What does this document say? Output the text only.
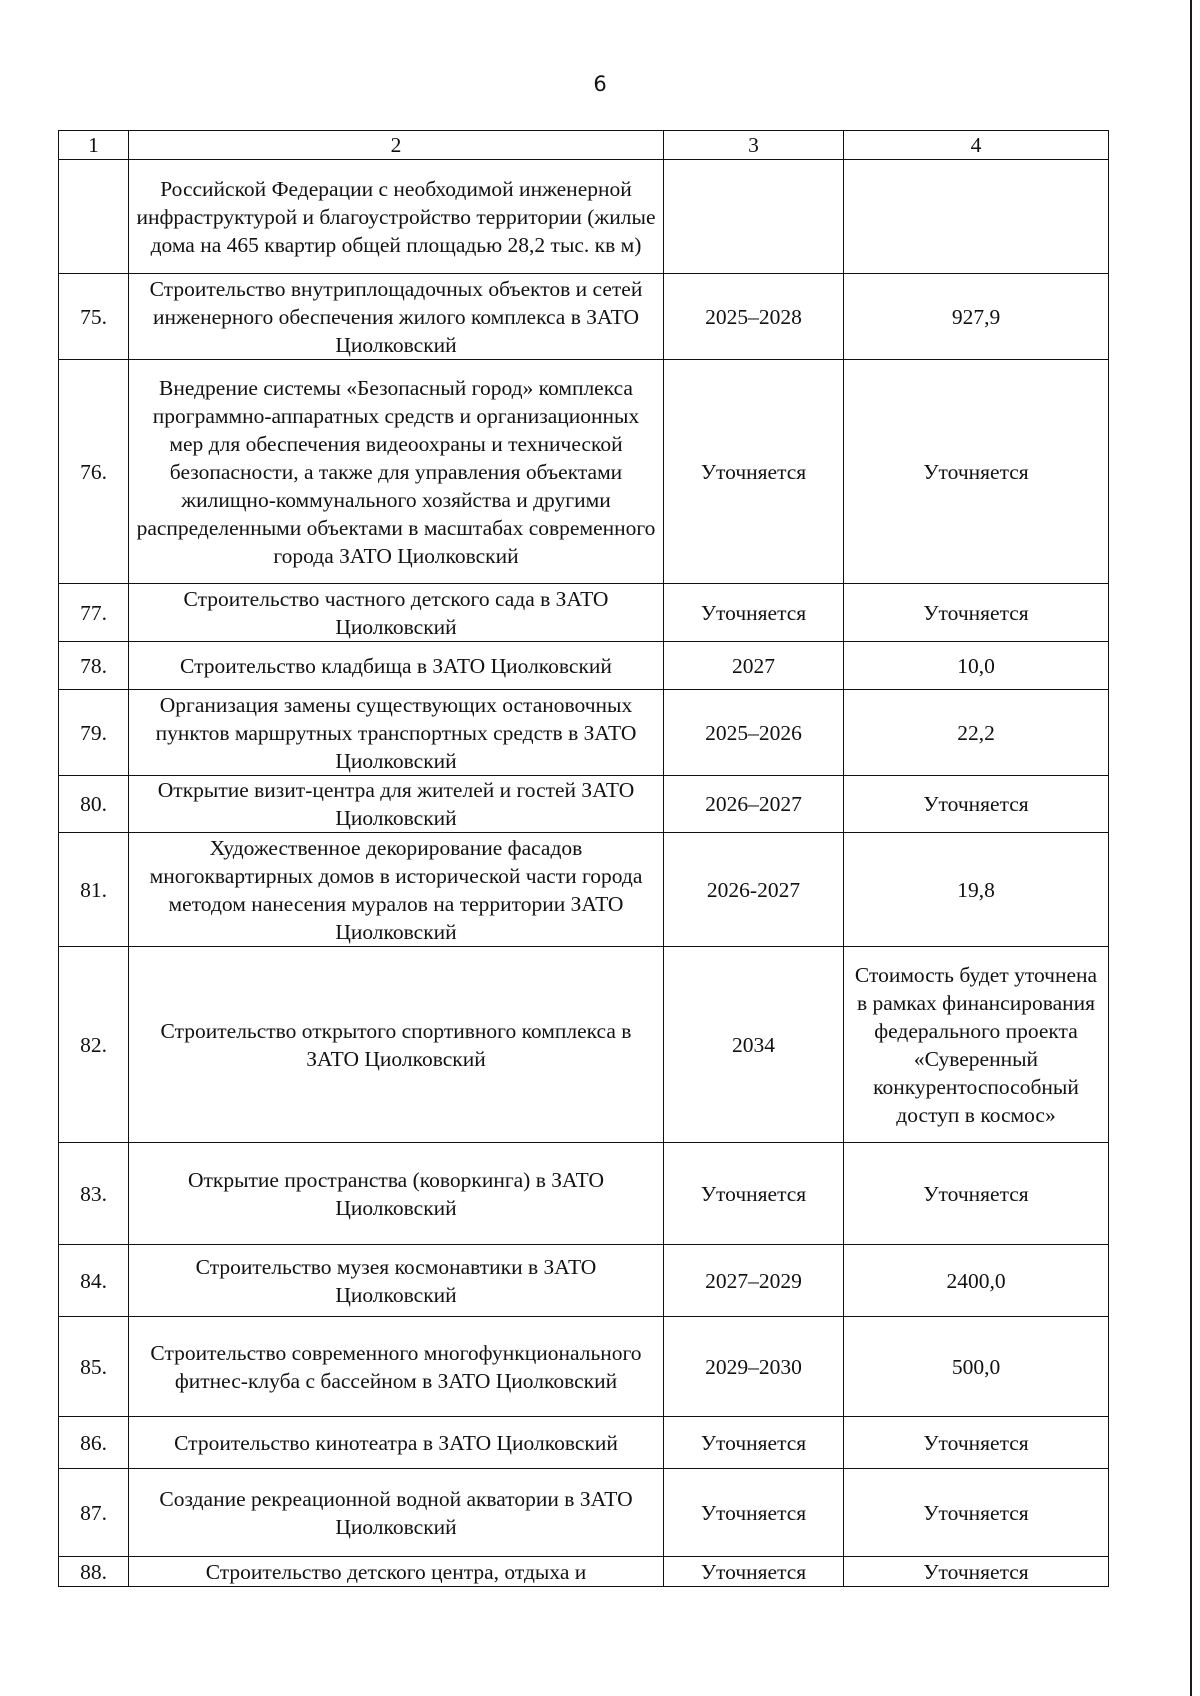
6
1	2	3	4
	Российской Федерации с необходимой инженерной инфраструктурой и благоустройство территории (жилые дома на 465 квартир общей площадью 28,2 тыс. кв м)		
75.	Строительство внутриплощадочных объектов и сетей инженерного обеспечения жилого комплекса в ЗАТО Циолковский	2025–2028	927,9
76.	Внедрение системы «Безопасный город» комплекса программно-аппаратных средств и организационных мер для обеспечения видеоохраны и технической безопасности, а также для управления объектами жилищно-коммунального хозяйства и другими распределенными объектами в масштабах современного города ЗАТО Циолковский	Уточняется	Уточняется
77.	Строительство частного детского сада в ЗАТО Циолковский	Уточняется	Уточняется
78.	Строительство кладбища в ЗАТО Циолковский	2027	10,0
79.	Организация замены существующих остановочных пунктов маршрутных транспортных средств в ЗАТО Циолковский	2025–2026	22,2
80.	Открытие визит-центра для жителей и гостей ЗАТО Циолковский	2026–2027	Уточняется
81.	Художественное декорирование фасадов многоквартирных домов в исторической части города методом нанесения муралов на территории ЗАТО Циолковский	2026-2027	19,8
82.	Строительство открытого спортивного комплекса в ЗАТО Циолковский	2034	Стоимость будет уточнена в рамках финансирования федерального проекта «Суверенный конкурентоспособный доступ в космос»
83.	Открытие пространства (коворкинга) в ЗАТО Циолковский	Уточняется	Уточняется
84.	Строительство музея космонавтики в ЗАТО Циолковский	2027–2029	2400,0
85.	Строительство современного многофункционального фитнес-клуба с бассейном в ЗАТО Циолковский	2029–2030	500,0
86.	Строительство кинотеатра в ЗАТО Циолковский	Уточняется	Уточняется
87.	Создание рекреационной водной акватории в ЗАТО Циолковский	Уточняется	Уточняется
88.	Строительство детского центра, отдыха и	Уточняется	Уточняется
